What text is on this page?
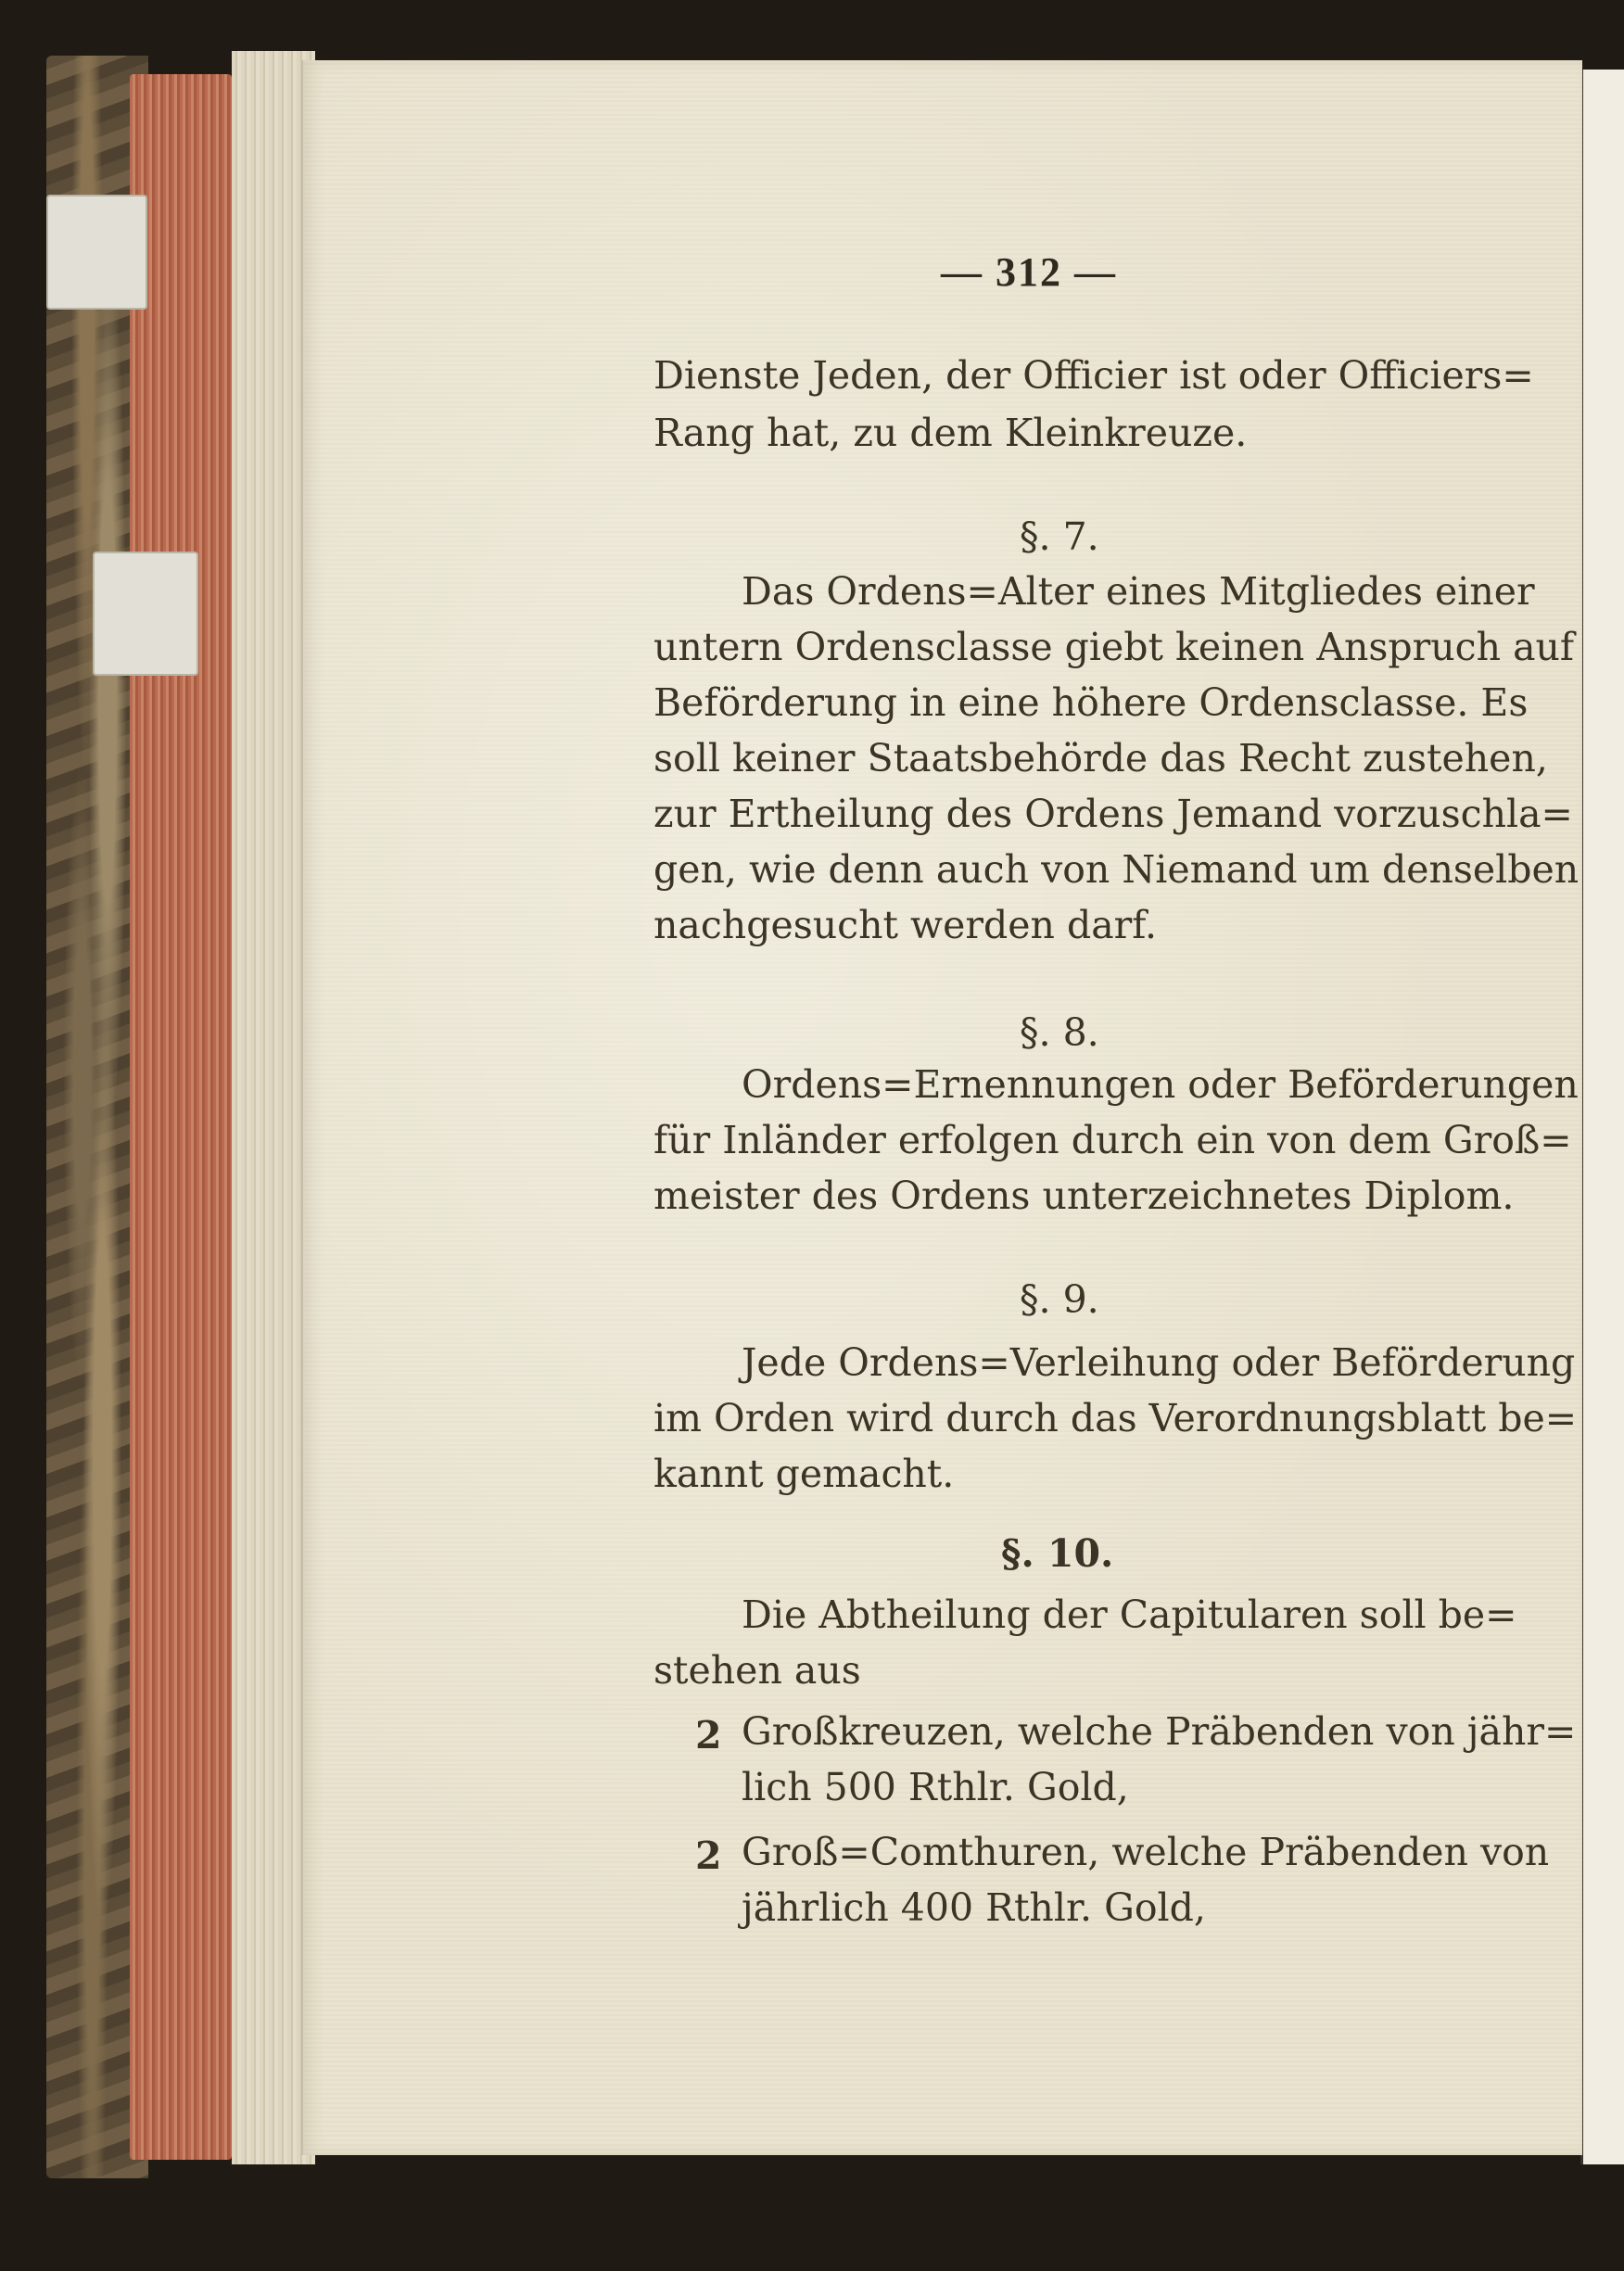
— 312 —
Dienste Jeden, der Officier ist oder Officiers=
Rang hat, zu dem Kleinkreuze.
§. 7.
Das Ordens=Alter eines Mitgliedes einer
untern Ordensclasse giebt keinen Anspruch auf
Beförderung in eine höhere Ordensclasse. Es
soll keiner Staatsbehörde das Recht zustehen,
zur Ertheilung des Ordens Jemand vorzuschla=
gen, wie denn auch von Niemand um denselben
nachgesucht werden darf.
§. 8.
Ordens=Ernennungen oder Beförderungen
für Inländer erfolgen durch ein von dem Groß=
meister des Ordens unterzeichnetes Diplom.
§. 9.
Jede Ordens=Verleihung oder Beförderung
im Orden wird durch das Verordnungsblatt be=
kannt gemacht.
§. 10.
Die Abtheilung der Capitularen soll be=
stehen aus
2 Großkreuzen, welche Präbenden von jähr=
lich 500 Rthlr. Gold,
2 Groß=Comthuren, welche Präbenden von
jährlich 400 Rthlr. Gold,
